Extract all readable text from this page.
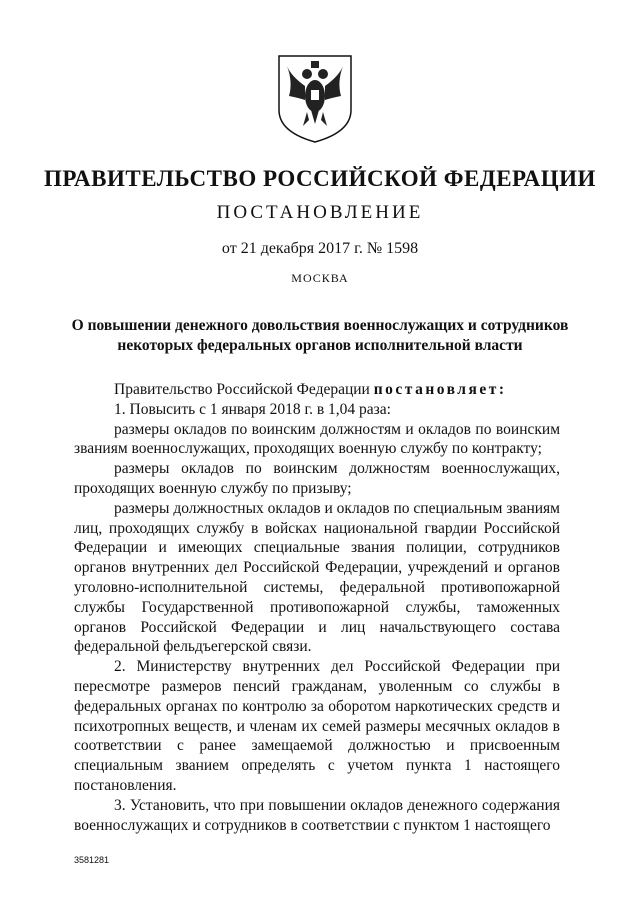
ПРАВИТЕЛЬСТВО РОССИЙСКОЙ ФЕДЕРАЦИИ
ПОСТАНОВЛЕНИЕ
от 21 декабря 2017 г. № 1598
МОСКВА
О повышении денежного довольствия военнослужащих и сотрудников некоторых федеральных органов исполнительной власти

Правительство Российской Федерации постановляет:

1. Повысить с 1 января 2018 г. в 1,04 раза:

размеры окладов по воинским должностям и окладов по воинским званиям военнослужащих, проходящих военную службу по контракту;

размеры окладов по воинским должностям военнослужащих, проходящих военную службу по призыву;

размеры должностных окладов и окладов по специальным званиям лиц, проходящих службу в войсках национальной гвардии Российской Федерации и имеющих специальные звания полиции, сотрудников органов внутренних дел Российской Федерации, учреждений и органов уголовно-исполнительной системы, федеральной противопожарной службы Государственной противопожарной службы, таможенных органов Российской Федерации и лиц начальствующего состава федеральной фельдъегерской связи.

2. Министерству внутренних дел Российской Федерации при пересмотре размеров пенсий гражданам, уволенным со службы в федеральных органах по контролю за оборотом наркотических средств и психотропных веществ, и членам их семей размеры месячных окладов в соответствии с ранее замещаемой должностью и присвоенным специальным званием определять с учетом пункта 1 настоящего постановления.

3. Установить, что при повышении окладов денежного содержания военнослужащих и сотрудников в соответствии с пунктом 1 настоящего

3581281
